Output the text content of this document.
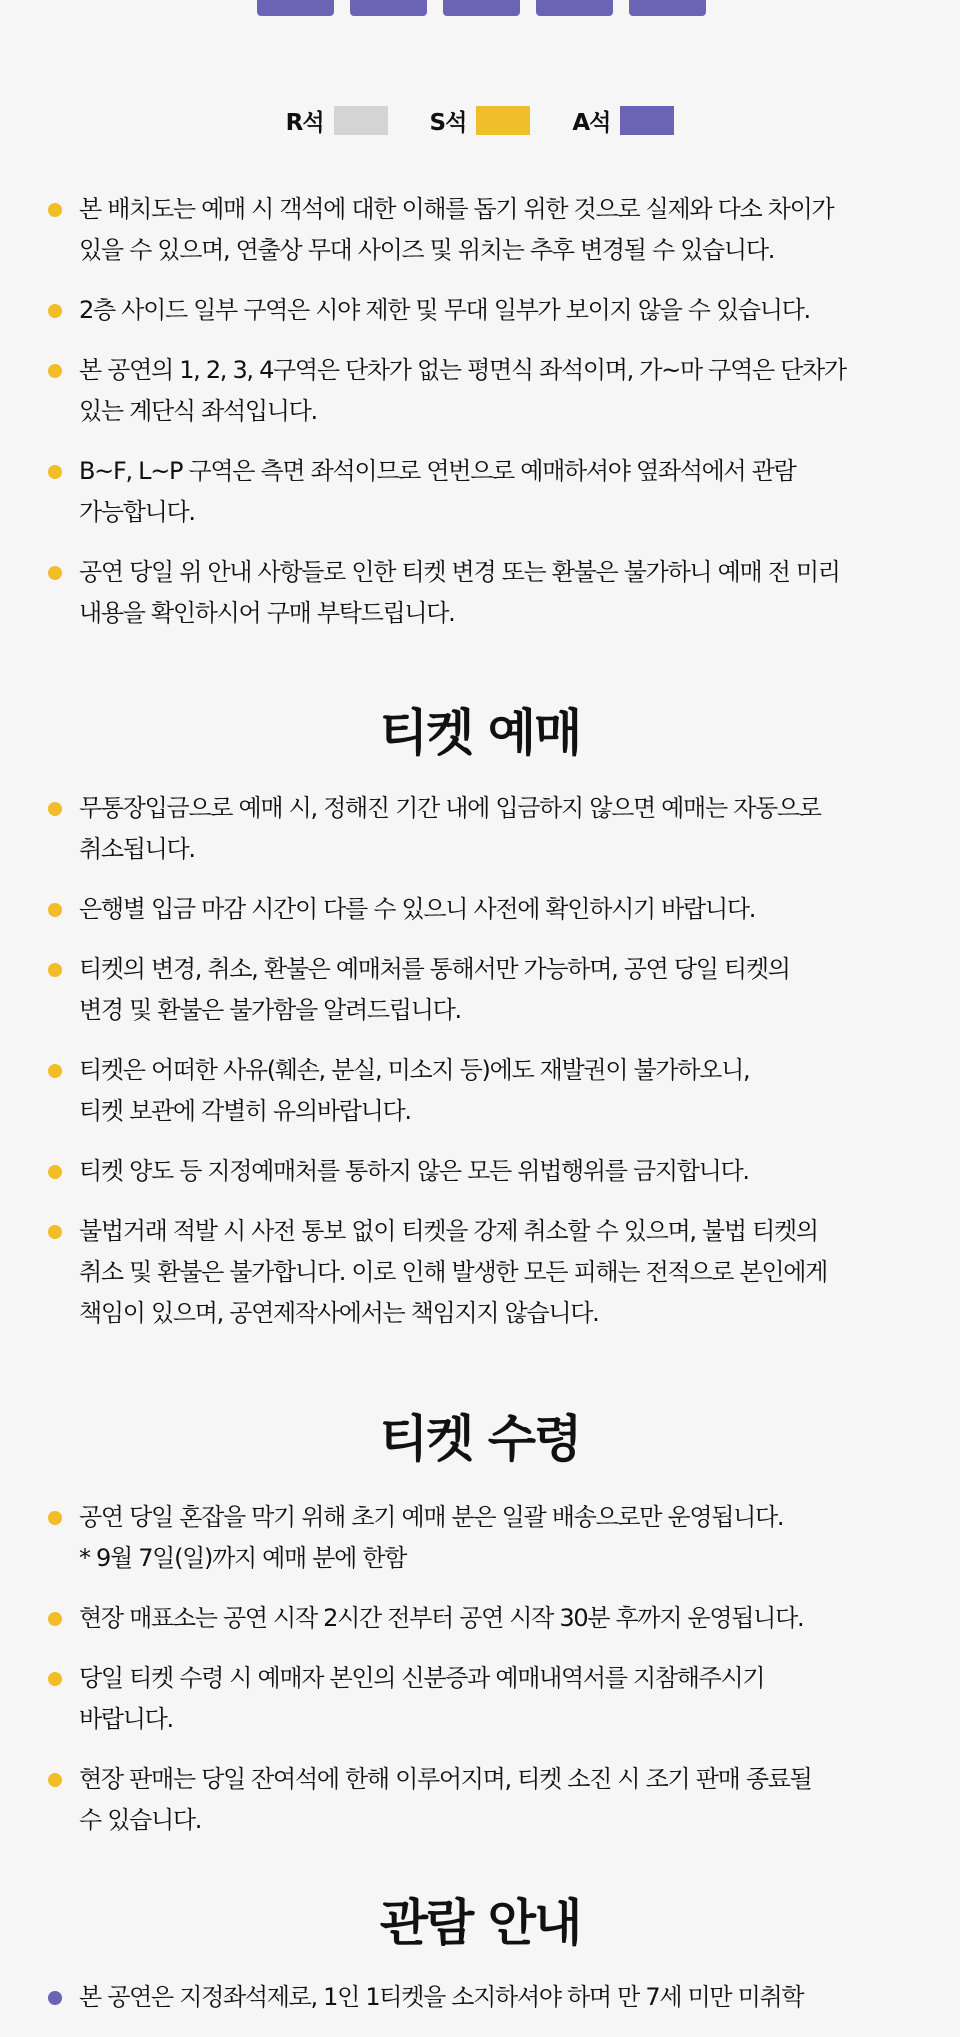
R석	S석	A석
본 배치도는 예매 시 객석에 대한 이해를 돕기 위한 것으로 실제와 다소 차이가
있을 수 있으며, 연출상 무대 사이즈 및 위치는 추후 변경될 수 있습니다.
2층 사이드 일부 구역은 시야 제한 및 무대 일부가 보이지 않을 수 있습니다.
본 공연의 1, 2, 3, 4구역은 단차가 없는 평면식 좌석이며, 가~마 구역은 단차가
있는 계단식 좌석입니다.
B~F, L~P 구역은 측면 좌석이므로 연번으로 예매하셔야 옆좌석에서 관람
가능합니다.
공연 당일 위 안내 사항들로 인한 티켓 변경 또는 환불은 불가하니 예매 전 미리
내용을 확인하시어 구매 부탁드립니다.
티켓 예매
무통장입금으로 예매 시, 정해진 기간 내에 입금하지 않으면 예매는 자동으로
취소됩니다.
은행별 입금 마감 시간이 다를 수 있으니 사전에 확인하시기 바랍니다.
티켓의 변경, 취소, 환불은 예매처를 통해서만 가능하며, 공연 당일 티켓의
변경 및 환불은 불가함을 알려드립니다.
티켓은 어떠한 사유(훼손, 분실, 미소지 등)에도 재발권이 불가하오니,
티켓 보관에 각별히 유의바랍니다.
티켓 양도 등 지정예매처를 통하지 않은 모든 위법행위를 금지합니다.
불법거래 적발 시 사전 통보 없이 티켓을 강제 취소할 수 있으며, 불법 티켓의
취소 및 환불은 불가합니다. 이로 인해 발생한 모든 피해는 전적으로 본인에게
책임이 있으며, 공연제작사에서는 책임지지 않습니다.
티켓 수령
공연 당일 혼잡을 막기 위해 초기 예매 분은 일괄 배송으로만 운영됩니다.
* 9월 7일(일)까지 예매 분에 한함
현장 매표소는 공연 시작 2시간 전부터 공연 시작 30분 후까지 운영됩니다.
당일 티켓 수령 시 예매자 본인의 신분증과 예매내역서를 지참해주시기
바랍니다.
현장 판매는 당일 잔여석에 한해 이루어지며, 티켓 소진 시 조기 판매 종료될
수 있습니다.
관람 안내
본 공연은 지정좌석제로, 1인 1티켓을 소지하셔야 하며 만 7세 미만 미취학
